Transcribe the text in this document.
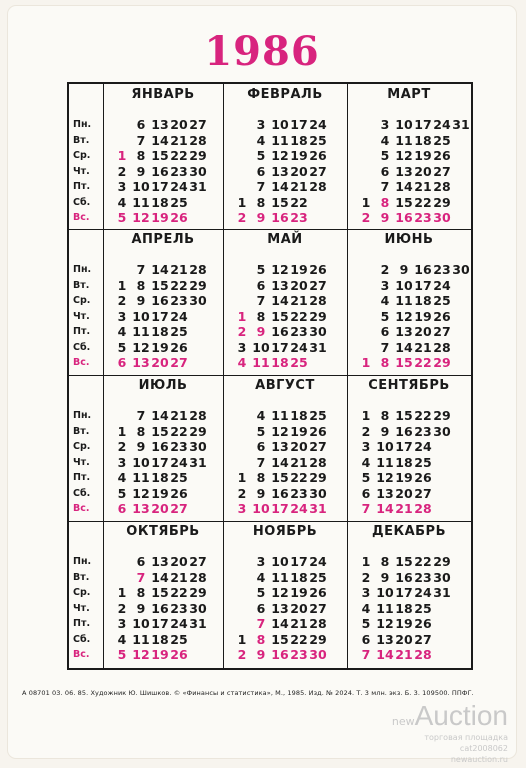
1986
Пн.
Вт.
Ср.
Чт.
Пт.
Сб.
Вс.
Пн.
Вт.
Ср.
Чт.
Пт.
Сб.
Вс.
Пн.
Вт.
Ср.
Чт.
Пт.
Сб.
Вс.
Пн.
Вт.
Ср.
Чт.
Пт.
Сб.
Вс.
ЯНВАРЬ
1
2
3
4
5
6
7
8
9
10
11
12
13
14
15
16
17
18
19
20
21
22
23
24
25
26
27
28
29
30
31
ФЕВРАЛЬ
1
2
3
4
5
6
7
8
9
10
11
12
13
14
15
16
17
18
19
20
21
22
23
24
25
26
27
28
МАРТ
1
2
3
4
5
6
7
8
9
10
11
12
13
14
15
16
17
18
19
20
21
22
23
24
25
26
27
28
29
30
31
АПРЕЛЬ
1
2
3
4
5
6
7
8
9
10
11
12
13
14
15
16
17
18
19
20
21
22
23
24
25
26
27
28
29
30
МАЙ
1
2
3
4
5
6
7
8
9
10
11
12
13
14
15
16
17
18
19
20
21
22
23
24
25
26
27
28
29
30
31
ИЮНЬ
1
2
3
4
5
6
7
8
9
10
11
12
13
14
15
16
17
18
19
20
21
22
23
24
25
26
27
28
29
30
ИЮЛЬ
1
2
3
4
5
6
7
8
9
10
11
12
13
14
15
16
17
18
19
20
21
22
23
24
25
26
27
28
29
30
31
АВГУСТ
1
2
3
4
5
6
7
8
9
10
11
12
13
14
15
16
17
18
19
20
21
22
23
24
25
26
27
28
29
30
31
СЕНТЯБРЬ
1
2
3
4
5
6
7
8
9
10
11
12
13
14
15
16
17
18
19
20
21
22
23
24
25
26
27
28
29
30
ОКТЯБРЬ
1
2
3
4
5
6
7
8
9
10
11
12
13
14
15
16
17
18
19
20
21
22
23
24
25
26
27
28
29
30
31
НОЯБРЬ
1
2
3
4
5
6
7
8
9
10
11
12
13
14
15
16
17
18
19
20
21
22
23
24
25
26
27
28
29
30
ДЕКАБРЬ
1
2
3
4
5
6
7
8
9
10
11
12
13
14
15
16
17
18
19
20
21
22
23
24
25
26
27
28
29
30
31
А 08701 03. 06. 85. Художник Ю. Шишков. © «Финансы и статистика», М., 1985. Изд. № 2024. Т. 3 млн. экз. Б. 3. 109500. ППФГ.
newAuction
торговая площадка
cat2008062
newauction.ru
